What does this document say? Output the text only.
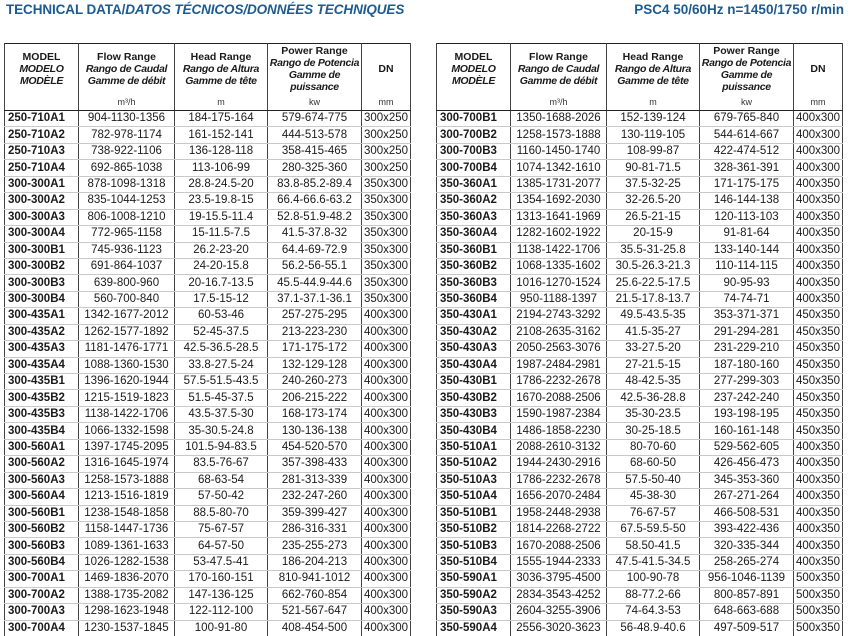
TECHNICAL DATA/DATOS TÉCNICOS/DONNÉES TECHNIQUES	PSC4 50/60Hz n=1450/1750 r/min
MODEL
MODELO
MODÈLE	Flow Range
Rango de Caudal
Gamme de débit	Head Range
Rango de Altura
Gamme de tête	Power Range
Rango de Potencia
Gamme de puissance	DN

	m³/h	m	kw	mm
250-710A1	904-1130-1356	184-175-164	579-674-775	300x250
250-710A2	782-978-1174	161-152-141	444-513-578	300x250
250-710A3	738-922-1106	136-128-118	358-415-465	300x250
250-710A4	692-865-1038	113-106-99	280-325-360	300x250
300-300A1	878-1098-1318	28.8-24.5-20	83.8-85.2-89.4	350x300
300-300A2	835-1044-1253	23.5-19.8-15	66.4-66.6-63.2	350x300
300-300A3	806-1008-1210	19-15.5-11.4	52.8-51.9-48.2	350x300
300-300A4	772-965-1158	15-11.5-7.5	41.5-37.8-32	350x300
300-300B1	745-936-1123	26.2-23-20	64.4-69-72.9	350x300
300-300B2	691-864-1037	24-20-15.8	56.2-56-55.1	350x300
300-300B3	639-800-960	20-16.7-13.5	45.5-44.9-44.6	350x300
300-300B4	560-700-840	17.5-15-12	37.1-37.1-36.1	350x300
300-435A1	1342-1677-2012	60-53-46	257-275-295	400x300
300-435A2	1262-1577-1892	52-45-37.5	213-223-230	400x300
300-435A3	1181-1476-1771	42.5-36.5-28.5	171-175-172	400x300
300-435A4	1088-1360-1530	33.8-27.5-24	132-129-128	400x300
300-435B1	1396-1620-1944	57.5-51.5-43.5	240-260-273	400x300
300-435B2	1215-1519-1823	51.5-45-37.5	206-215-222	400x300
300-435B3	1138-1422-1706	43.5-37.5-30	168-173-174	400x300
300-435B4	1066-1332-1598	35-30.5-24.8	130-136-138	400x300
300-560A1	1397-1745-2095	101.5-94-83.5	454-520-570	400x300
300-560A2	1316-1645-1974	83.5-76-67	357-398-433	400x300
300-560A3	1258-1573-1888	68-63-54	281-313-339	400x300
300-560A4	1213-1516-1819	57-50-42	232-247-260	400x300
300-560B1	1238-1548-1858	88.5-80-70	359-399-427	400x300
300-560B2	1158-1447-1736	75-67-57	286-316-331	400x300
300-560B3	1089-1361-1633	64-57-50	235-255-273	400x300
300-560B4	1026-1282-1538	53-47.5-41	186-204-213	400x300
300-700A1	1469-1836-2070	170-160-151	810-941-1012	400x300
300-700A2	1388-1735-2082	147-136-125	662-760-854	400x300
300-700A3	1298-1623-1948	122-112-100	521-567-647	400x300
300-700A4	1230-1537-1845	100-91-80	408-454-500	400x300
MODEL
MODELO
MODÈLE	Flow Range
Rango de Caudal
Gamme de débit	Head Range
Rango de Altura
Gamme de tête	Power Range
Rango de Potencia
Gamme de puissance	DN

	m³/h	m	kw	mm
300-700B1	1350-1688-2026	152-139-124	679-765-840	400x300
300-700B2	1258-1573-1888	130-119-105	544-614-667	400x300
300-700B3	1160-1450-1740	108-99-87	422-474-512	400x300
300-700B4	1074-1342-1610	90-81-71.5	328-361-391	400x300
350-360A1	1385-1731-2077	37.5-32-25	171-175-175	400x350
350-360A2	1354-1692-2030	32-26.5-20	146-144-138	400x350
350-360A3	1313-1641-1969	26.5-21-15	120-113-103	400x350
350-360A4	1282-1602-1922	20-15-9	91-81-64	400x350
350-360B1	1138-1422-1706	35.5-31-25.8	133-140-144	400x350
350-360B2	1068-1335-1602	30.5-26.3-21.3	110-114-115	400x350
350-360B3	1016-1270-1524	25.6-22.5-17.5	90-95-93	400x350
350-360B4	950-1188-1397	21.5-17.8-13.7	74-74-71	400x350
350-430A1	2194-2743-3292	49.5-43.5-35	353-371-371	450x350
350-430A2	2108-2635-3162	41.5-35-27	291-294-281	450x350
350-430A3	2050-2563-3076	33-27.5-20	231-229-210	450x350
350-430A4	1987-2484-2981	27-21.5-15	187-180-160	450x350
350-430B1	1786-2232-2678	48-42.5-35	277-299-303	450x350
350-430B2	1670-2088-2506	42.5-36-28.8	237-242-240	450x350
350-430B3	1590-1987-2384	35-30-23.5	193-198-195	450x350
350-430B4	1486-1858-2230	30-25-18.5	160-161-148	450x350
350-510A1	2088-2610-3132	80-70-60	529-562-605	400x350
350-510A2	1944-2430-2916	68-60-50	426-456-473	400x350
350-510A3	1786-2232-2678	57.5-50-40	345-353-360	400x350
350-510A4	1656-2070-2484	45-38-30	267-271-264	400x350
350-510B1	1958-2448-2938	76-67-57	466-508-531	400x350
350-510B2	1814-2268-2722	67.5-59.5-50	393-422-436	400x350
350-510B3	1670-2088-2506	58.50-41.5	320-335-344	400x350
350-510B4	1555-1944-2333	47.5-41.5-34.5	258-265-274	400x350
350-590A1	3036-3795-4500	100-90-78	956-1046-1139	500x350
350-590A2	2834-3543-4252	88-77.2-66	800-857-891	500x350
350-590A3	2604-3255-3906	74-64.3-53	648-663-688	500x350
350-590A4	2556-3020-3623	56-48.9-40.6	497-509-517	500x350
